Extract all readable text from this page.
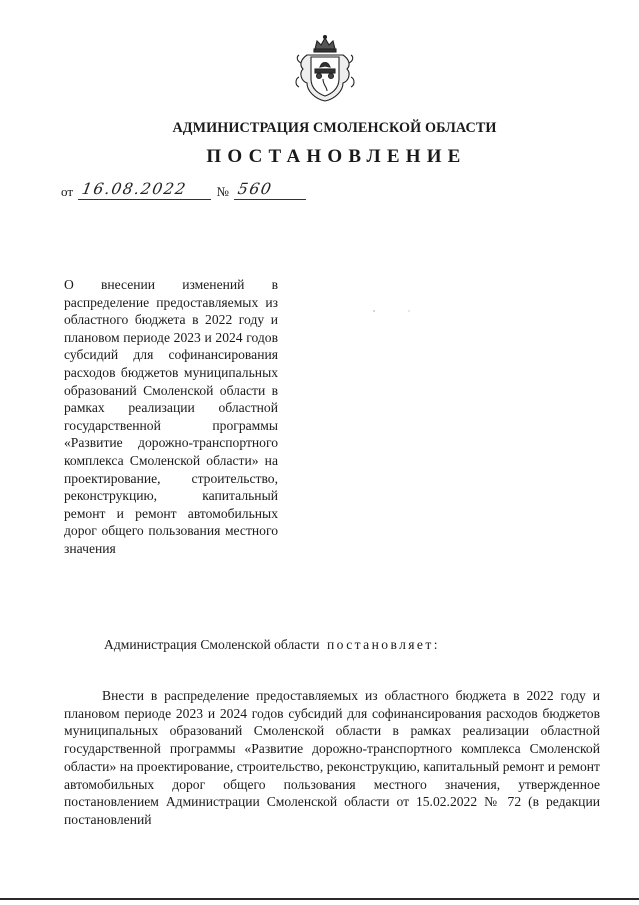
АДМИНИСТРАЦИЯ СМОЛЕНСКОЙ ОБЛАСТИ
ПОСТАНОВЛЕНИЕ
от 16.08.2022 № 560
О внесении изменений в распределение предоставляемых из областного бюджета в 2022 году и плановом периоде 2023 и 2024 годов субсидий для софинансирования расходов бюджетов муниципальных образований Смоленской области в рамках реализации областной государственной программы «Развитие дорожно-транспортного комплекса Смоленской области» на проектирование, строительство, реконструкцию, капитальный ремонт и ремонт автомобильных дорог общего пользования местного значения
Администрация Смоленской области постановляет:
Внести в распределение предоставляемых из областного бюджета в 2022 году и плановом периоде 2023 и 2024 годов субсидий для софинансирования расходов бюджетов муниципальных образований Смоленской области в рамках реализации областной государственной программы «Развитие дорожно-транспортного комплекса Смоленской области» на проектирование, строительство, реконструкцию, капитальный ремонт и ремонт автомобильных дорог общего пользования местного значения, утвержденное постановлением Администрации Смоленской области от 15.02.2022 № 72 (в редакции постановлений
